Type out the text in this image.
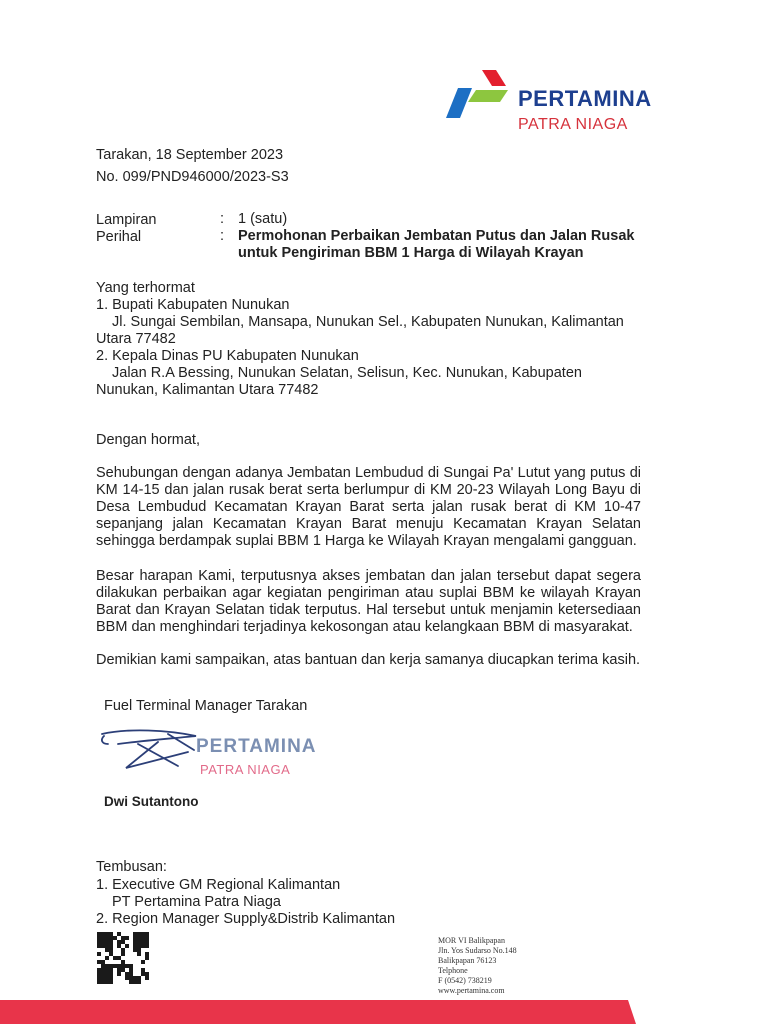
PERTAMINA
PATRA NIAGA
Tarakan, 18 September 2023
No. 099/PND946000/2023-S3
Lampiran	: 1 (satu)
Perihal	: Permohonan Perbaikan Jembatan Putus dan Jalan Rusak
untuk Pengiriman BBM 1 Harga di Wilayah Krayan
Yang terhormat
1. Bupati Kabupaten Nunukan
Jl. Sungai Sembilan, Mansapa, Nunukan Sel., Kabupaten Nunukan, Kalimantan
Utara 77482
2. Kepala Dinas PU Kabupaten Nunukan
Jalan R.A Bessing, Nunukan Selatan, Selisun, Kec. Nunukan, Kabupaten
Nunukan, Kalimantan Utara 77482
Dengan hormat,
Sehubungan dengan adanya Jembatan Lembudud di Sungai Pa' Lutut yang putus di
KM 14-15 dan jalan rusak berat serta berlumpur di KM 20-23 Wilayah Long Bayu di
Desa Lembudud Kecamatan Krayan Barat serta jalan rusak berat di KM 10-47
sepanjang jalan Kecamatan Krayan Barat menuju Kecamatan Krayan Selatan
sehingga berdampak suplai BBM 1 Harga ke Wilayah Krayan mengalami gangguan.
Besar harapan Kami, terputusnya akses jembatan dan jalan tersebut dapat segera
dilakukan perbaikan agar kegiatan pengiriman atau suplai BBM ke wilayah Krayan
Barat dan Krayan Selatan tidak terputus. Hal tersebut untuk menjamin ketersediaan
BBM dan menghindari terjadinya kekosongan atau kelangkaan BBM di masyarakat.
Demikian kami sampaikan, atas bantuan dan kerja samanya diucapkan terima kasih.
Fuel Terminal Manager Tarakan
PERTAMINA
PATRA NIAGA
Dwi Sutantono
Tembusan:
1. Executive GM Regional Kalimantan
PT Pertamina Patra Niaga
2. Region Manager Supply&Distrib Kalimantan
MOR VI Balikpapan
Jln. Yos Sudarso No.148
Balikpapan 76123
Telphone
F (0542) 738219
www.pertamina.com
